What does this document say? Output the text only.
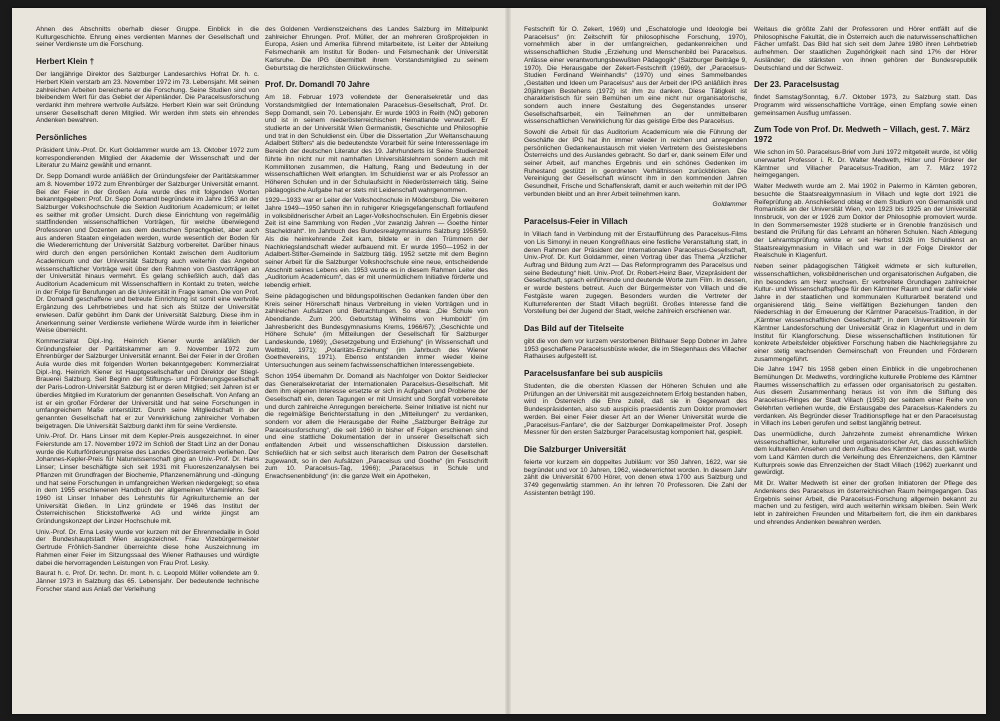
Ahnen des Abschnitts oberhalb dieser Gruppe. Einblick in die Kulturgeschichte. Ehrung eines verdienten Mannes der Gesellschaft und seiner Verdienste um die Forschung.

Herbert Klein †

Der langjährige Direktor des Salzburger Landesarchivs Hofrat Dr. h. c. Herbert Klein verstarb am 23. November 1972 im 73. Lebensjahr. Mit seinen zahlreichen Arbeiten bereicherte er die Forschung. Seine Studien sind von bleibendem Wert für das Gebiet der Alpenländer. Die Paracelsusforschung verdankt ihm mehrere wertvolle Aufsätze. Herbert Klein war seit Gründung unserer Gesellschaft deren Mitglied. Wir werden ihm stets ein ehrendes Andenken bewahren.

Persönliches

Präsident Univ.-Prof. Dr. Kurt Goldammer wurde am 13. Oktober 1972 zum korrespondierenden Mitglied der Akademie der Wissenschaft und der Literatur zu Mainz gewählt und ernannt.

Dr. Sepp Domandl wurde anläßlich der Gründungsfeier der Paritätskammer am 8. November 1972 zum Ehrenbürger der Salzburger Universität ernannt. Bei der Feier in der Großen Aula wurde dies mit folgenden Worten bekanntgegeben: Prof. Dr. Sepp Domandl begründete im Jahre 1953 an der Salzburger Volkshochschule die Sektion Auditorium Academicum; er leitet es seither mit großer Umsicht. Durch diese Einrichtung von regelmäßig stattfindenden wissenschaftlichen Vorträgen, für welche überwiegend Professoren und Dozenten aus dem deutschen Sprachgebiet, aber auch aus anderen Staaten eingeladen werden, wurde wesentlich der Boden für die Wiedererrichtung der Universität Salzburg vorbereitet. Darüber hinaus wird durch den engen persönlichen Kontakt zwischen dem Auditorium Academicum und der Universität Salzburg auch weiterhin das Angebot wissenschaftlicher Vorträge weit über den Rahmen von Gastvorträgen an der Universität hinaus vermehrt. Es gelang schließlich auch, daß das Auditorium Academicum mit Wissenschaftlern in Kontakt zu treten, welche in der Folge für Berufungen an die Universität in Frage kamen. Die von Prof. Dr. Domandl geschaffene und betreute Einrichtung ist somit eine wertvolle Ergänzung des Lehrbetriebes und hat sich als Stütze der Universität erwiesen. Dafür gebührt ihm Dank der Universität Salzburg. Diese ihm in Anerkennung seiner Verdienste verliehene Würde wurde ihm in feierlicher Weise überreicht.

Kommerzialrat Dipl.-Ing. Heinrich Kiener wurde anläßlich der Gründungsfeier der Paritätskammer am 9. November 1972 zum Ehrenbürger der Salzburger Universität ernannt. Bei der Feier in der Großen Aula wurde dies mit folgenden Worten bekanntgegeben: Kommerzialrat Dipl.-Ing. Heinrich Kiener ist Hauptgesellschafter und Direktor der Stiegl-Brauerei Salzburg. Seit Beginn der Stiftungs- und Förderungsgesellschaft der Paris-Lodron-Universität Salzburg ist er deren Mitglied; seit Jahren ist er überdies Mitglied im Kuratorium der genannten Gesellschaft. Von Anfang an ist er ein großer Förderer der Universität und hat seine Forschungen in umfangreichem Maße unterstützt. Durch seine Mitgliedschaft in der genannten Gesellschaft hat er zur Verwirklichung zahlreicher Vorhaben beigetragen. Die Universität Salzburg dankt ihm für seine Verdienste.

Univ.-Prof. Dr. Hans Linser mit dem Kepler-Preis ausgezeichnet. In einer Feierstunde am 17. November 1972 im Schloß der Stadt Linz an der Donau wurde die Kulturförderungspreise des Landes Oberösterreich verliehen. Der Johannes-Kepler-Preis für Naturwissenschaft ging an Univ.-Prof. Dr. Hans Linser; Linser beschäftigte sich seit 1931 mit Fluoreszenzanalysen bei Pflanzen mit Grundfragen der Biochemie, Pflanzenernährung und -düngung und hat seine Forschungen in umfangreichen Werken niedergelegt; so etwa in dem 1955 erschienenen Handbuch der allgemeinen Vitaminlehre. Seit 1960 ist Linser Inhaber des Lehrstuhls für Agrikulturchemie an der Universität Gießen. In Linz gründete er 1946 das Institut der Österreichischen Stickstoffwerke AG und wirkte jüngst am Gründungskonzept der Linzer Hochschule mit.

Univ.-Prof. Dr. Erna Lesky wurde vor kurzem mit der Ehrenmedaille in Gold der Bundeshauptstadt Wien ausgezeichnet. Frau Vizebürgermeister Gertrude Fröhlich-Sandner überreichte diese hohe Auszeichnung im Rahmen einer Feier im Sitzungssaal des Wiener Rathauses und würdigte dabei die hervorragenden Leistungen von Frau Prof. Lesky.

Baurat h. c. Prof. Dr. techn. Dr. mont. h. c. Leopold Müller vollendete am 9. Jänner 1973 in Salzburg das 65. Lebensjahr. Der bedeutende technische Forscher stand aus Anlaß der Verleihung

des Goldenen Verdienstzeichens des Landes Salzburg im Mittelpunkt zahlreicher Ehrungen. Prof. Müller, der an mehreren Großprojekten in Europa, Asien und Amerika führend mitarbeitete, ist Leiter der Abteilung Felsmechanik am Institut für Boden- und Felsmechanik der Universität Karlsruhe. Die IPG übermittelt ihrem Vorstandsmitglied zu seinem Geburtstag die herzlichsten Glückwünsche.

Prof. Dr. Domandl 70 Jahre

Am 18. Februar 1973 vollendete der Generalsekretär und das Vorstandsmitglied der Internationalen Paracelsus-Gesellschaft, Prof. Dr. Sepp Domandl, sein 70. Lebensjahr. Er wurde 1903 in Reith (NÖ) geboren und ist in seinem niederösterreichischen Heimatlande verwurzelt. Er studierte an der Universität Wien Germanistik, Geschichte und Philosophie und trat in den Schuldienst ein. Über die Dissertation „Zur Weltanschauung Adalbert Stifters“ als die bedeutendste Vorarbeit für seine Interessenlage im Bereich der deutschen Literatur des 19. Jahrhunderts ist Seine Studienzeit führte ihn nicht nur mit namhaften Universitätslehrern sondern auch mit Kommilitonen zusammen, die Haltung, Rang und Bedeutung in der wissenschaftlichen Welt erlangten. Im Schuldienst war er als Professor an Höheren Schulen und in der Schulaufsicht in Niederösterreich tätig. Seine pädagogische Aufgabe hat er stets mit Leidenschaft wahrgenommen.

1929—1933 war er Leiter der Volkshochschule in Mödersburg. Die weiteren Jahre 1949—1950 sahen ihn in ruhigerer Kriegsgefangenschaft fortlaufend in volksbildnerischer Arbeit an Lager-Volkshochschulen. Ein Ergebnis dieser Zeit ist eine Sammlung von Reden „Vor zwanzig Jahren — Goethe hinter Stacheldraht“. Im Jahrbuch des Bundesrealgymnasiums Salzburg 1958/59. Als die heimkehrende Zeit kam, bildete er in den Trümmern der Nachkriegslandschaft wieder aufbauend mit. Er wurde 1950—1952 in der Adalbert-Stifter-Gemeinde in Salzburg tätig. 1952 setzte mit dem Beginn seiner Arbeit für die Salzburger Volkshochschule eine neue, entscheidende Abschnitt seines Lebens ein. 1953 wurde es in diesem Rahmen Leiter des „Auditorium Academicum“, das er mit unermüdlichem Initiative förderte und lebendig erhielt.

Seine pädagogischen und bildungspolitischen Gedanken fanden über den Kreis seiner Hörerschaft hinaus Verbreitung in vielen Vorträgen und in zahlreichen Aufsätzen und Betrachtungen. So etwa: „Die Schule von Abendlande. Zum 200. Geburtstag Wilhelms von Humboldt“ (im Jahresbericht des Bundesgymnasiums Krems, 1966/67); „Geschichte und Höhere Schule“ (im Mitteilungen der Gesellschaft für Salzburger Landeskunde, 1969); „Gesetzgebung und Erziehung“ (in Wissenschaft und Weltbild, 1971); „Polaritäts-Erziehung“ (im Jahrbuch des Wiener Goethevereins, 1971). Ebenso entstanden immer wieder kleine Untersuchungen aus seinem fachwissenschaftlichen Interessengebiete.

Schon 1954 übernahm Dr. Domandl als Nachfolger von Doktor Seidlecker das Generalsekretariat der Internationalen Paracelsus-Gesellschaft. Mit dem ihm eigenen Interesse ersetzte er sich in Aufgaben und Probleme der Gesellschaft ein, deren Tagungen er mit Umsicht und Sorgfalt vorbereitete und durch zahlreiche Anregungen bereicherte. Seiner Initiative ist nicht nur die regelmäßige Berichterstattung in den „Mitteilungen“ zu verdanken, sondern vor allem die Herausgabe der Reihe „Salzburger Beiträge zur Paracelsusforschung“, die seit 1960 in bisher elf Folgen erschienen sind und eine stattliche Dokumentation der in unserer Gesellschaft sich entfaltenden Arbeit und wissenschaftlichen Diskussion darstellen. Schließlich hat er sich selbst auch literarisch dem Patron der Gesellschaft zugewandt, so in den Aufsätzen „Paracelsus und Goethe“ (im Festschrift zum 10. Paracelsus-Tag, 1966); „Paracelsus in Schule und Erwachsenenbildung“ (in: die ganze Welt ein Apotheken,

Festschrift für O. Zekert, 1969) und „Eschatologie und Ideologie bei Paracelsus“ (in: Zeitschrift für philosophische Forschung, 1970), vornehmlich aber in der umfangreichen, gedankenreichen und wissenschaftlichen Studie „Erziehung und Menschenbild bei Paracelsus. Anlässe einer verantwortungsbewußten Pädagogik“ (Salzburger Beiträge 9, 1970). Die Herausgabe der Zekert-Festschrift (1969), der „Paracelsus-Studien Ferdinand Weinhandls“ (1970) und eines Sammelbandes „Gestalten und Ideen um Paracelsus“ aus der Arbeit der IPG anläßlich ihres 20jährigen Bestehens (1972) ist ihm zu danken. Diese Tätigkeit ist charakteristisch für sein Bemühen um eine nicht nur organisatorische, sondern auch innere Gestaltung des Gegenstandes unserer Gesellschaftsarbeit, ein Teilnehmen an der unmittelbaren wissenschaftlichen Verwirklichung für das geistige Erbe des Paracelsus.

Sowohl die Arbeit für das Auditorium Academicum wie die Führung der Geschäfte der IPG hat ihn immer wieder in reichen und anregenden persönlichen Gedankenaustausch mit vielen Vertretern des Geisteslebens Österreichs und des Auslandes gebracht. So darf er, dank seinem Eifer und seiner Arbeit, auf manches Ergebnis und ein schönes Gedenken im Ruhestand gestützt in geordneten Verhältnissen zurückblicken. Die Vereinigung der Gesellschaft wünscht ihm in den kommenden Jahren Gesundheit, Frische und Schaffenskraft, damit er auch weiterhin mit der IPG verbunden bleibt und an ihrer Arbeit teilnehmen kann.

Goldammer
Paracelsus-Feier in Villach

In Villach fand in Verbindung mit der Erstaufführung des Paracelsus-Films von Lis Simonyi in neuen Kongreßhaus eine festliche Veranstaltung statt, in deren Rahmen der Präsident der Internationalen Paracelsus-Gesellschaft, Univ.-Prof. Dr. Kurt Goldammer, einen Vortrag über das Thema „Ärztlicher Auftrag und Bildung zum Arzt — Das Reformprogramm des Paracelsus und seine Bedeutung“ hielt. Univ.-Prof. Dr. Robert-Heinz Baer, Vizepräsident der Gesellschaft, sprach einführende und deutende Worte zum Film. In dessen, er wurde bestens betreut. Auch der Bürgermeister von Villach und die Festgäste waren zugegen. Besonders wurden die Vertreter der Kulturreferenten der Stadt Villach begrüßt. Großes Interesse fand die Vorstellung bei der Jugend der Stadt, welche zahlreich erschienen war.

Das Bild auf der Titelseite

gibt die von dem vor kurzem verstorbenen Bildhauer Sepp Dobner im Jahre 1953 geschaffene Paracelsusbüste wieder, die im Stiegenhaus des Villacher Rathauses aufgestellt ist.

Paracelsusfanfare bei sub auspiciis

Studenten, die die obersten Klassen der Höheren Schulen und alle Prüfungen an der Universität mit ausgezeichnetem Erfolg bestanden haben, wird in Österreich die Ehre zuteil, daß sie in Gegenwart des Bundespräsidenten, also sub auspiciis praesidentis zum Doktor promoviert werden. Bei einer Feier dieser Art an der Wiener Universität wurde die „Paracelsus-Fanfare“, die der Salzburger Domkapellmeister Prof. Joseph Messner für den ersten Salzburger Paracelsustag komponiert hat, gespielt.

Die Salzburger Universität

feierte vor kurzem ein doppeltes Jubiläum: vor 350 Jahren, 1622, war sie begründet und vor 10 Jahren, 1962, wiedererrichtet worden. In diesem Jahr zählt die Universität 6700 Hörer, von denen etwa 1700 aus Salzburg und 3749 gegenwärtig stammen. An ihr lehren 70 Professoren. Die Zahl der Assistenten beträgt 190.

Weitaus die größte Zahl der Professoren und Hörer entfällt auf die Philosophische Fakultät, die in Österreich auch die naturwissenschaftlichen Fächer umfaßt. Das Bild hat sich seit dem Jahre 1980 ihren Lehrbetrieb aufnehmen. Der staatlichen Zugehörigkeit nach sind 17% der Hörer Ausländer; die stärksten von ihnen gehören der Bundesrepublik Deutschland und der Schweiz.

Der 23. Paracelsustag

findet Samstag/Sonntag, 6./7. Oktober 1973, zu Salzburg statt. Das Programm wird wissenschaftliche Vorträge, einen Empfang sowie einen gemeinsamen Ausflug umfassen.

Zum Tode von Prof. Dr. Medweth – Villach, gest. 7. März 1972

Wie schon im 50. Paracelsus-Brief vom Juni 1972 mitgeteilt wurde, ist völlig unerwartet Professor i. R. Dr. Walter Medweth, Hüter und Förderer der Kärntner und Villacher Paracelsus-Tradition, am 7. März 1972 heimgegangen.

Walter Medweth wurde am 2. Mai 1902 in Palermo in Kärnten geboren, besuchte die Staatsrealgymnasium in Villach und legte dort 1921 die Reifeprüfung ab. Anschließend oblag er dem Studium von Germanistik und Romanistik an der Universität Wien, von 1923 bis 1925 an der Universität Innsbruck, von der er 1926 zum Doktor der Philosophie promoviert wurde. In den Sommersemester 1928 studierte er in Grenoble französisch und bestand die Prüfung für das Lehramt an höheren Schulen. Nach Ablegung der Lehramtsprüfung wirkte er seit Herbst 1928 im Schuldienst an Staatsrealgymnasium in Villach und war in der Folge Direktor der Realschule in Klagenfurt.

Neben seiner pädagogischen Tätigkeit widmete er sich kulturellen, wissenschaftlichen, volksbildnerischen und organisatorischen Aufgaben, die ihn besonders am Herz wuchsen. Er verbreitete Grundlagen zahlreicher Kultur- und Wissenschaftspflege für den Kärntner Raum und war dafür viele Jahre in der staatlichen und kommunalen Kulturarbeit beratend und organisierend tätig. Seine vielfältigen Beziehungen fanden den Niederschlag in der Erneuerung der Kärntner Paracelsus-Tradition, in der „Kärntner wissenschaftlichen Gesellschaft“, in dem Universitätsverein für Kärntner Landesforschung der Universität Graz in Klagenfurt und in dem Institut für Klangforschung. Diese wissenschaftlichen Institutionen für konkrete Arbeitsfelder objektiver Forschung haben die Nachkriegsjahre zu einer stetig wachsenden Gemeinschaft von Freunden und Förderern zusammengeführt.

Die Jahre 1947 bis 1958 geben einen Einblick in die ungebrochenen Bemühungen Dr. Medweths, vordringliche kulturelle Probleme des Kärntner Raumes wissenschaftlich zu erfassen oder organisatorisch zu gestalten. Aus diesem Zusammenhang heraus ist von ihm die Stiftung des Paracelsus-Ringes der Stadt Villach (1953) der seitdem einer Reihe von Gelehrten verliehen wurde, die Erstausgabe des Paracelsus-Kalenders zu verdanken. Als Begründer dieser Traditionspflege hat er den Paracelsustag in Villach ins Leben gerufen und selbst langjährig betreut.

Das unermüdliche, durch Jahrzehnte zumeist ehrenamtliche Wirken wissenschaftlicher, kultureller und organisatorischer Art, das ausschließlich dem kulturellen Ansehen und dem Aufbau des Kärntner Landes galt, wurde vom Land Kärnten durch die Verleihung des Ehrenzeichens, den Kärntner Kulturpreis sowie das Ehrenzeichen der Stadt Villach (1962) zuerkannt und gewürdigt.

Mit Dr. Walter Medweth ist einer der großen Initiatoren der Pflege des Andenkens des Paracelsus im österreichischen Raum heimgegangen. Das Ergebnis seiner Arbeit, die Paracelsus-Forschung allgemein bekannt zu machen und zu festigen, wird auch weiterhin wirksam bleiben. Sein Werk lebt in zahlreichen Freunden und Mitarbeitern fort, die ihm ein dankbares und ehrendes Andenken bewahren werden.
